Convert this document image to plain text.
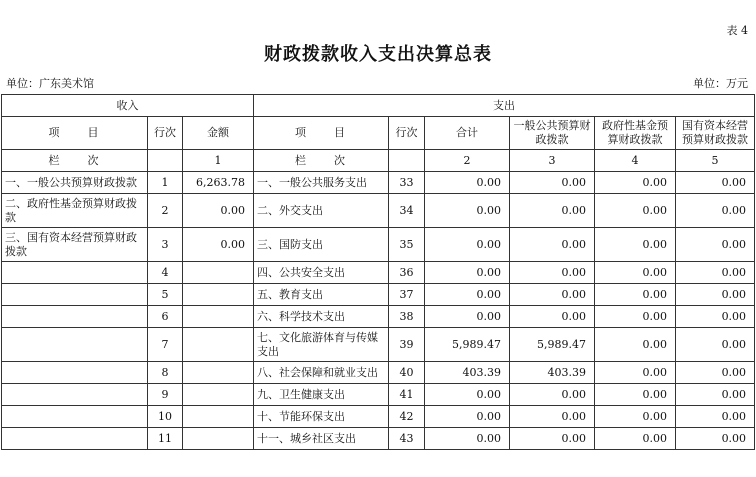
表 4
财政拨款收入支出决算总表
单位：广东美术馆	单位：万元
收入			支出					
项　　目	行次	金额	项　　目	行次	合计	一般公共预算财政拨款	政府性基金预算财政拨款	国有资本经营预算财政拨款
栏　　次		1	栏　　次		2	3	4	5
一、一般公共预算财政拨款	1	6,263.78	一、一般公共服务支出	33	0.00	0.00	0.00	0.00
二、政府性基金预算财政拨款	2	0.00	二、外交支出	34	0.00	0.00	0.00	0.00
三、国有资本经营预算财政拨款	3	0.00	三、国防支出	35	0.00	0.00	0.00	0.00
	4		四、公共安全支出	36	0.00	0.00	0.00	0.00
	5		五、教育支出	37	0.00	0.00	0.00	0.00
	6		六、科学技术支出	38	0.00	0.00	0.00	0.00
	7		七、文化旅游体育与传媒支出	39	5,989.47	5,989.47	0.00	0.00
	8		八、社会保障和就业支出	40	403.39	403.39	0.00	0.00
	9		九、卫生健康支出	41	0.00	0.00	0.00	0.00
	10		十、节能环保支出	42	0.00	0.00	0.00	0.00
	11		十一、城乡社区支出	43	0.00	0.00	0.00	0.00
